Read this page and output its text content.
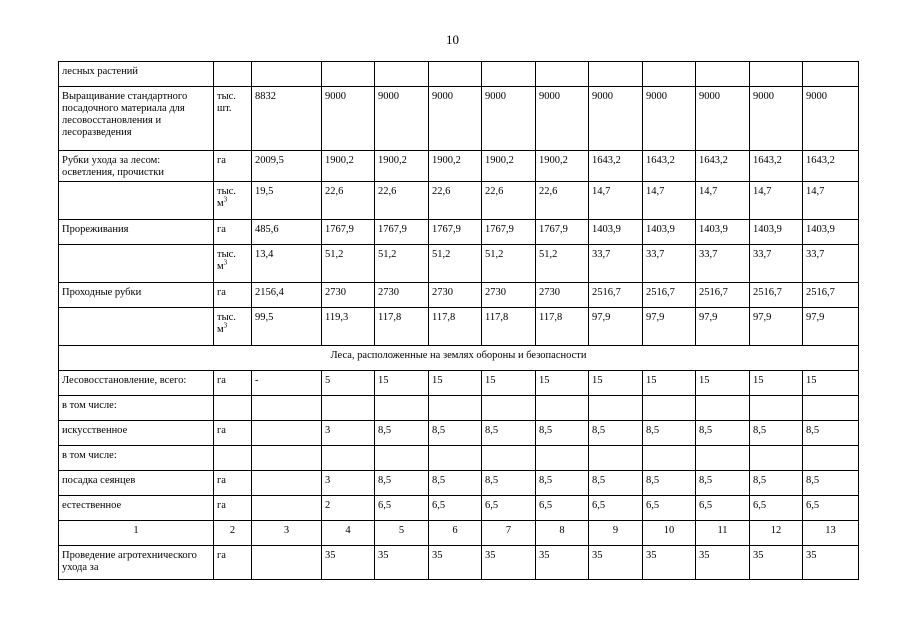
10
лесных растений												
Выращивание стандартного посадочного материала для лесовосстановления и лесоразведения	тыс. шт.	8832	9000	9000	9000	9000	9000	9000	9000	9000	9000	9000
Рубки ухода за лесом: осветления, прочистки	га	2009,5	1900,2	1900,2	1900,2	1900,2	1900,2	1643,2	1643,2	1643,2	1643,2	1643,2
	тыс. $м^3$	19,5	22,6	22,6	22,6	22,6	22,6	14,7	14,7	14,7	14,7	14,7
Прореживания	га	485,6	1767,9	1767,9	1767,9	1767,9	1767,9	1403,9	1403,9	1403,9	1403,9	1403,9
	тыс. $м^3$	13,4	51,2	51,2	51,2	51,2	51,2	33,7	33,7	33,7	33,7	33,7
Проходные рубки	га	2156,4	2730	2730	2730	2730	2730	2516,7	2516,7	2516,7	2516,7	2516,7
	тыс. $м^3$	99,5	119,3	117,8	117,8	117,8	117,8	97,9	97,9	97,9	97,9	97,9
Леса, расположенные на землях обороны и безопасности												
Лесовосстановление, всего:	га	-	5	15	15	15	15	15	15	15	15	15
в том числе:												
искусственное	га		3	8,5	8,5	8,5	8,5	8,5	8,5	8,5	8,5	8,5
в том числе:												
посадка сеянцев	га		3	8,5	8,5	8,5	8,5	8,5	8,5	8,5	8,5	8,5
естественное	га		2	6,5	6,5	6,5	6,5	6,5	6,5	6,5	6,5	6,5
1	2	3	4	5	6	7	8	9	10	11	12	13
Проведение агротехнического ухода за	га		35	35	35	35	35	35	35	35	35	35
